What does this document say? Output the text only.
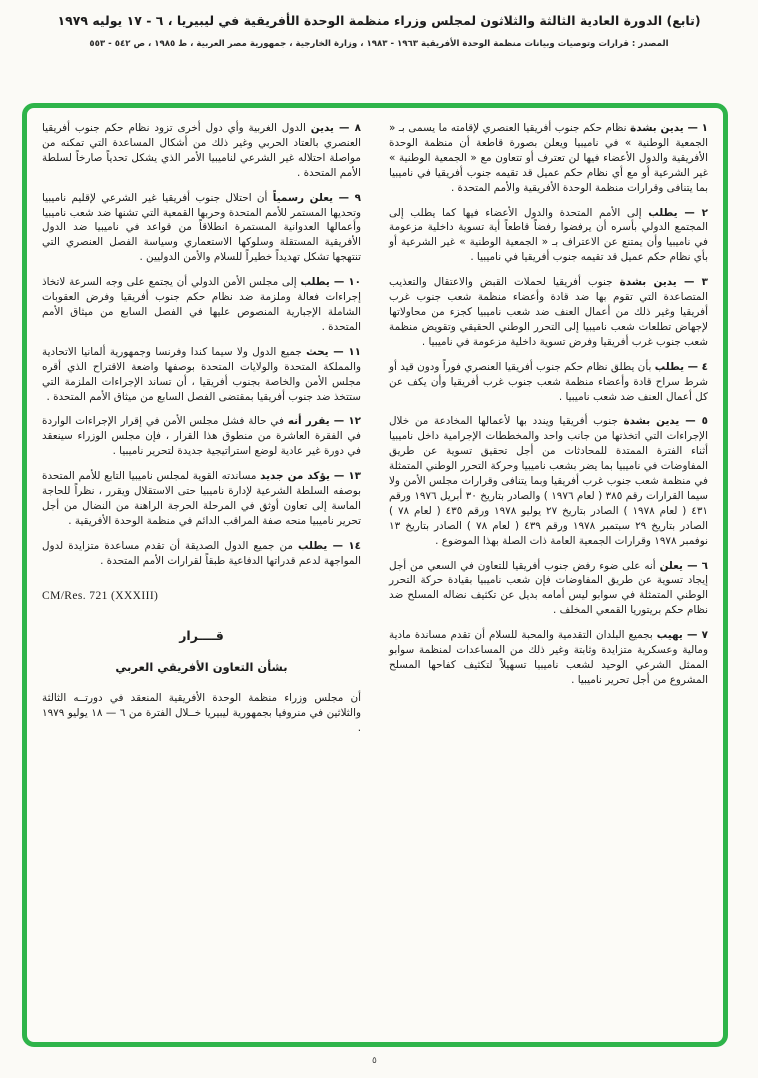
(تابع) الدورة العادية الثالثة والثلاثون لمجلس وزراء منظمة الوحدة الأفريقية في ليبيريا ، ٦ - ١٧ يوليه ١٩٧٩
المصدر : قرارات وتوصيات وبيانات منظمة الوحدة الأفريقية ١٩٦٣ - ١٩٨٣ ، وزارة الخارجية ، جمهورية مصر العربية ، ط ١٩٨٥ ، ص ٥٤٢ - ٥٥٣

١ — يدين بشدة نظام حكم جنوب أفريقيا العنصري لإقامته ما يسمى بـ « الجمعية الوطنية » في ناميبيا ويعلن بصورة قاطعة أن منظمة الوحدة الأفريقية والدول الأعضاء فيها لن تعترف أو تتعاون مع « الجمعية الوطنية » غير الشرعية أو مع أي نظام حكم عميل قد تقيمه جنوب أفريقيا في ناميبيا بما يتنافى وقرارات منظمة الوحدة الأفريقية والأمم المتحدة .

٢ — يطلب إلى الأمم المتحدة والدول الأعضاء فيها كما يطلب إلى المجتمع الدولي بأسره أن يرفضوا رفضاً قاطعاً أية تسوية داخلية مزعومة في ناميبيا وأن يمتنع عن الاعتراف بـ « الجمعية الوطنية » غير الشرعية أو بأي نظام حكم عميل قد تقيمه جنوب أفريقيا في ناميبيا .

٣ — يدين بشدة جنوب أفريقيا لحملات القبض والاعتقال والتعذيب المتصاعدة التي تقوم بها ضد قادة وأعضاء منظمة شعب جنوب غرب أفريقيا وغير ذلك من أعمال العنف ضد شعب ناميبيا كجزء من محاولاتها لإجهاض تطلعات شعب ناميبيا إلى التحرر الوطني الحقيقي وتقويض منظمة شعب جنوب غرب أفريقيا وفرض تسوية داخلية مزعومة في ناميبيا .

٤ — يطلب بأن يطلق نظام حكم جنوب أفريقيا العنصري فوراً ودون قيد أو شرط سراح قادة وأعضاء منظمة شعب جنوب غرب أفريقيا وأن يكف عن كل أعمال العنف ضد شعب ناميبيا .

٥ — يدين بشدة جنوب أفريقيا ويندد بها لأعمالها المخادعة من خلال الإجراءات التي اتخذتها من جانب واحد والمخططات الإجرامية داخل ناميبيا أثناء الفترة الممتدة للمحادثات من أجل تحقيق تسوية عن طريق المفاوضات في ناميبيا بما يضر بشعب ناميبيا وحركة التحرر الوطني المتمثلة في منظمة شعب جنوب غرب أفريقيا وبما يتنافى وقرارات مجلس الأمن ولا سيما القرارات رقم ٣٨٥ ( لعام ١٩٧٦ ) والصادر بتاريخ ٣٠ أبريل ١٩٧٦ ورقم ٤٣١ ( لعام ١٩٧٨ ) الصادر بتاريخ ٢٧ يوليو ١٩٧٨ ورقم ٤٣٥ ( لعام ٧٨ ) الصادر بتاريخ ٢٩ سبتمبر ١٩٧٨ ورقم ٤٣٩ ( لعام ٧٨ ) الصادر بتاريخ ١٣ نوفمبر ١٩٧٨ وقرارات الجمعية العامة ذات الصلة بهذا الموضوع .

٦ — يعلن أنه على ضوء رفض جنوب أفريقيا للتعاون في السعي من أجل إيجاد تسوية عن طريق المفاوضات فإن شعب ناميبيا بقيادة حركة التحرر الوطني المتمثلة في سوابو ليس أمامه بديل عن تكثيف نضاله المسلح ضد نظام حكم بريتوريا القمعي المخلف .

٧ — يهيب بجميع البلدان التقدمية والمحبة للسلام أن تقدم مساندة مادية ومالية وعسكرية متزايدة وثابتة وغير ذلك من المساعدات لمنظمة سوابو الممثل الشرعي الوحيد لشعب ناميبيا تسهيلاً لتكثيف كفاحها المسلح المشروع من أجل تحرير ناميبيا .

٨ — يدين الدول الغربية وأي دول أخرى تزود نظام حكم جنوب أفريقيا العنصري بالعتاد الحربي وغير ذلك من أشكال المساعدة التي تمكنه من مواصلة احتلاله غير الشرعي لناميبيا الأمر الذي يشكل تحدياً صارخاً لسلطة الأمم المتحدة .

٩ — يعلن رسمياً أن احتلال جنوب أفريقيا غير الشرعي لإقليم ناميبيا وتحديها المستمر للأمم المتحدة وحربها القمعية التي تشنها ضد شعب ناميبيا وأعمالها العدوانية المستمرة انطلاقاً من قواعد في ناميبيا ضد الدول الأفريقية المستقلة وسلوكها الاستعماري وسياسة الفصل العنصري التي تنتهجها تشكل تهديداً خطيراً للسلام والأمن الدوليين .

١٠ — يطلب إلى مجلس الأمن الدولي أن يجتمع على وجه السرعة لاتخاذ إجراءات فعالة وملزمة ضد نظام حكم جنوب أفريقيا وفرض العقوبات الشاملة الإجبارية المنصوص عليها في الفصل السابع من ميثاق الأمم المتحدة .

١١ — يحث جميع الدول ولا سيما كندا وفرنسا وجمهورية ألمانيا الاتحادية والمملكة المتحدة والولايات المتحدة بوصفها واضعة الاقتراح الذي أقره مجلس الأمن والخاصة بجنوب أفريقيا ، أن تساند الإجراءات الملزمة التي ستتخذ ضد جنوب أفريقيا بمقتضى الفصل السابع من ميثاق الأمم المتحدة .

١٢ — يقرر أنه في حالة فشل مجلس الأمن في إقرار الإجراءات الواردة في الفقرة العاشرة من منطوق هذا القرار ، فإن مجلس الوزراء سينعقد في دورة غير عادية لوضع استراتيجية جديدة لتحرير ناميبيا .

١٣ — يؤكد من جديد مساندته القوية لمجلس ناميبيا التابع للأمم المتحدة بوصفه السلطة الشرعية لإدارة ناميبيا حتى الاستقلال ويقرر ، نظراً للحاجة الماسة إلى تعاون أوثق في المرحلة الحرجة الراهنة من النضال من أجل تحرير ناميبيا منحه صفة المراقب الدائم في منظمة الوحدة الأفريقية .

١٤ — يطلب من جميع الدول الصديقة أن تقدم مساعدة متزايدة لدول المواجهة لدعم قدراتها الدفاعية طبقاً لقرارات الأمم المتحدة .

CM/Res. 721 (XXXIII)
قــــرار
بشأن التعاون الأفريقي العربي

أن مجلس وزراء منظمة الوحدة الأفريقية المنعقد في دورتــه الثالثة والثلاثين في منروفيا بجمهورية ليبيريا خــلال الفترة من ٦ — ١٨ يوليو ١٩٧٩ .

٥
